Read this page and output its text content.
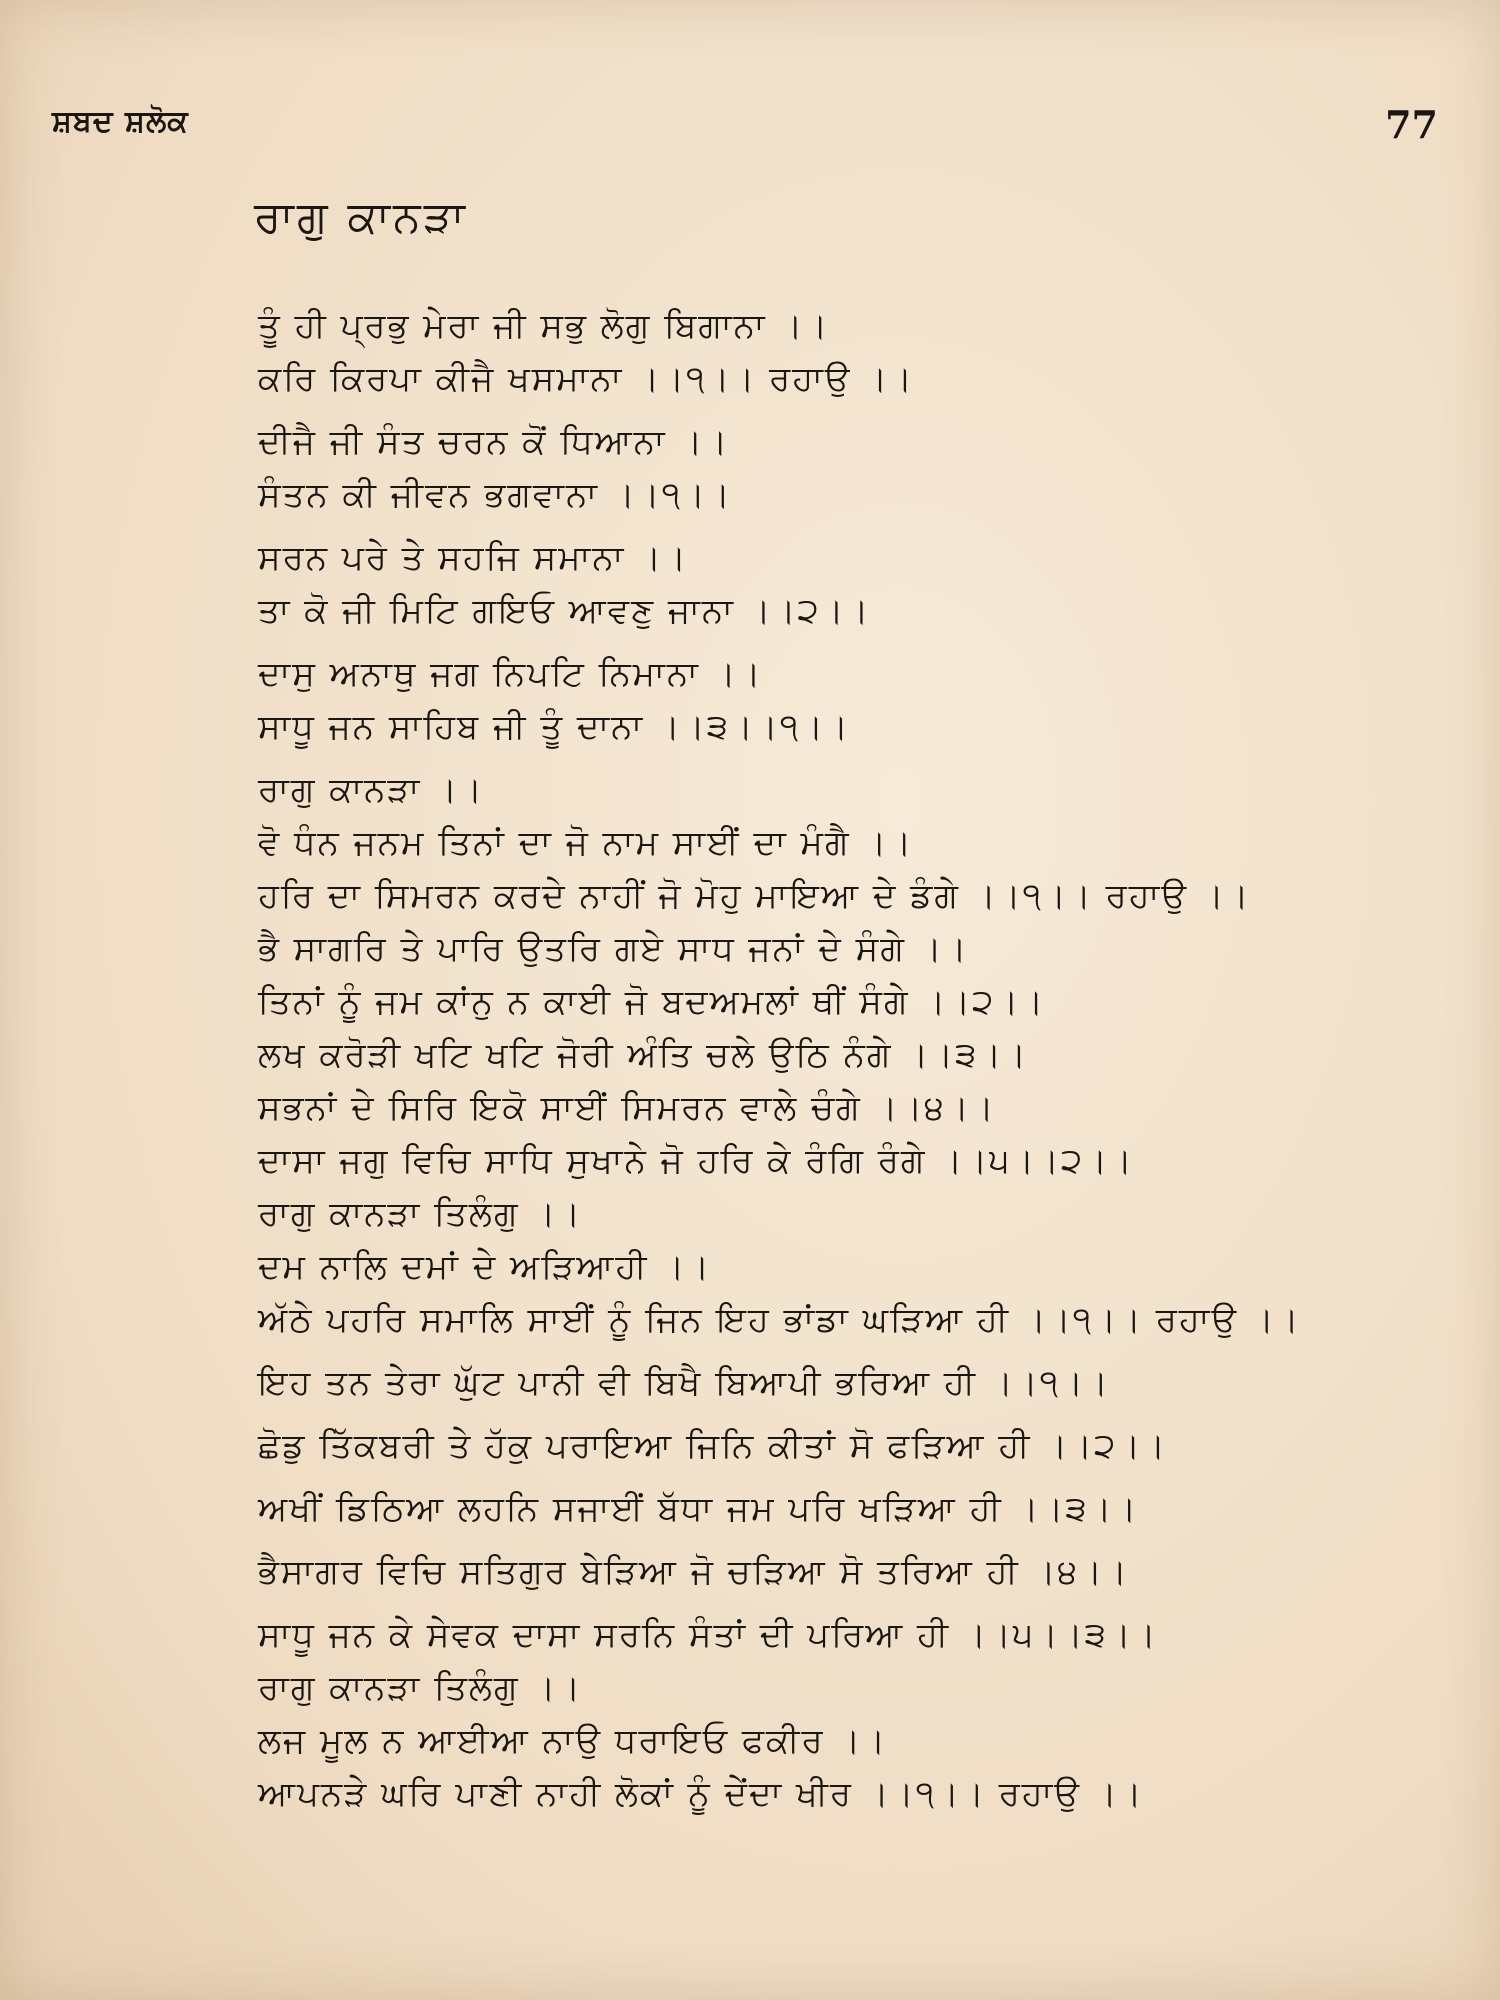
ਸ਼ਬਦ ਸ਼ਲੋਕ	77
ਰਾਗੁ ਕਾਨੜਾ
ਤੂੰ ਹੀ ਪ੍ਰਭੁ ਮੇਰਾ ਜੀ ਸਭੁ ਲੋਗੁ ਬਿਗਾਨਾ ।।
ਕਰਿ ਕਿਰਪਾ ਕੀਜੈ ਖਸਮਾਨਾ ।।੧।। ਰਹਾਉ ।।
ਦੀਜੈ ਜੀ ਸੰਤ ਚਰਨ ਕੋਂ ਧਿਆਨਾ ।।
ਸੰਤਨ ਕੀ ਜੀਵਨ ਭਗਵਾਨਾ ।।੧।।
ਸਰਨ ਪਰੇ ਤੇ ਸਹਜਿ ਸਮਾਨਾ ।।
ਤਾ ਕੋ ਜੀ ਮਿਟਿ ਗਇਓ ਆਵਣੁ ਜਾਨਾ ।।੨।।
ਦਾਸੁ ਅਨਾਥੁ ਜਗ ਨਿਪਟਿ ਨਿਮਾਨਾ ।।
ਸਾਧੂ ਜਨ ਸਾਹਿਬ ਜੀ ਤੂੰ ਦਾਨਾ ।।੩।।੧।।
ਰਾਗੁ ਕਾਨੜਾ ।।
ਵੋ ਧੰਨ ਜਨਮ ਤਿਨਾਂ ਦਾ ਜੋ ਨਾਮ ਸਾਈਂ ਦਾ ਮੰਗੈ ।।
ਹਰਿ ਦਾ ਸਿਮਰਨ ਕਰਦੇ ਨਾਹੀਂ ਜੋ ਮੋਹੁ ਮਾਇਆ ਦੇ ਡੰਗੇ ।।੧।। ਰਹਾਉ ।।
ਭੈ ਸਾਗਰਿ ਤੇ ਪਾਰਿ ਉਤਰਿ ਗਏ ਸਾਧ ਜਨਾਂ ਦੇ ਸੰਗੇ ।।
ਤਿਨਾਂ ਨੂੰ ਜਮ ਕਾਂਨੁ ਨ ਕਾਈ ਜੋ ਬਦਅਮਲਾਂ ਥੀਂ ਸੰਗੇ ।।੨।।
ਲਖ ਕਰੋੜੀ ਖਟਿ ਖਟਿ ਜੋਰੀ ਅੰਤਿ ਚਲੇ ਉਠਿ ਨੰਗੇ ।।੩।।
ਸਭਨਾਂ ਦੇ ਸਿਰਿ ਇਕੋ ਸਾਈਂ ਸਿਮਰਨ ਵਾਲੇ ਚੰਗੇ ।।੪।।
ਦਾਸਾ ਜਗੁ ਵਿਚਿ ਸਾਧਿ ਸੁਖਾਨੇ ਜੋ ਹਰਿ ਕੇ ਰੰਗਿ ਰੰਗੇ ।।੫।।੨।।
ਰਾਗੁ ਕਾਨੜਾ ਤਿਲੰਗੁ ।।
ਦਮ ਨਾਲਿ ਦਮਾਂ ਦੇ ਅੜਿਆਹੀ ।।
ਅੱਠੇ ਪਹਰਿ ਸਮਾਲਿ ਸਾਈਂ ਨੂੰ ਜਿਨ ਇਹ ਭਾਂਡਾ ਘੜਿਆ ਹੀ ।।੧।। ਰਹਾਉ ।।
ਇਹ ਤਨ ਤੇਰਾ ਘੁੱਟ ਪਾਨੀ ਵੀ ਬਿਖੈ ਬਿਆਪੀ ਭਰਿਆ ਹੀ ।।੧।।
ਛੋਡੁ ਤਿੱਕਬਰੀ ਤੇ ਹੱਕੁ ਪਰਾਇਆ ਜਿਨਿ ਕੀਤਾਂ ਸੋ ਫੜਿਆ ਹੀ ।।੨।।
ਅਖੀਂ ਡਿਠਿਆ ਲਹਨਿ ਸਜਾਈਂ ਬੱਧਾ ਜਮ ਪਰਿ ਖੜਿਆ ਹੀ ।।੩।।
ਭੈਸਾਗਰ ਵਿਚਿ ਸਤਿਗੁਰ ਬੇੜਿਆ ਜੋ ਚੜਿਆ ਸੋ ਤਰਿਆ ਹੀ ।੪।।
ਸਾਧੂ ਜਨ ਕੇ ਸੇਵਕ ਦਾਸਾ ਸਰਨਿ ਸੰਤਾਂ ਦੀ ਪਰਿਆ ਹੀ ।।੫।।੩।।
ਰਾਗੁ ਕਾਨੜਾ ਤਿਲੰਗੁ ।।
ਲਜ ਮੂਲ ਨ ਆਈਆ ਨਾਉ ਧਰਾਇਓ ਫਕੀਰ ।।
ਆਪਨੜੇ ਘਰਿ ਪਾਣੀ ਨਾਹੀ ਲੋਕਾਂ ਨੂੰ ਦੇਂਦਾ ਖੀਰ ।।੧।। ਰਹਾਉ ।।
